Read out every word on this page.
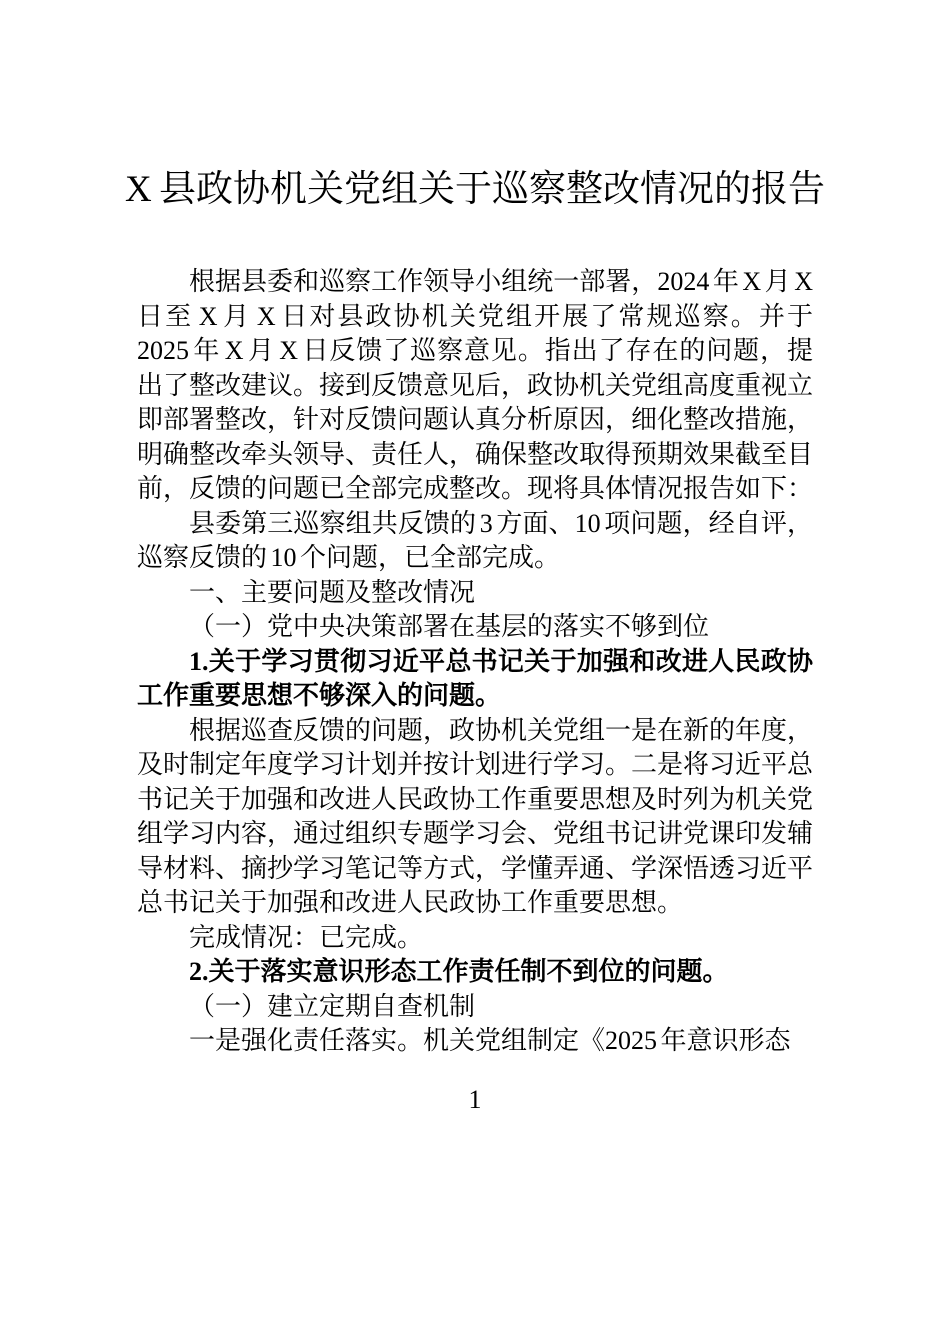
X 县政协机关党组关于巡察整改情况的报告

根据县委和巡察工作领导小组统一部署，2024 年 X 月 X 日至 X 月 X 日对县政协机关党组开展了常规巡察。并于 2025 年 X 月 X 日反馈了巡察意见。指出了存在的问题，提出了整改建议。接到反馈意见后，政协机关党组高度重视立即部署整改，针对反馈问题认真分析原因，细化整改措施，明确整改牵头领导、责任人，确保整改取得预期效果截至目前，反馈的问题已全部完成整改。现将具体情况报告如下：

县委第三巡察组共反馈的 3 方面、10 项问题，经自评，巡察反馈的 10 个问题，已全部完成。

一、主要问题及整改情况

（一）党中央决策部署在基层的落实不够到位

1.关于学习贯彻习近平总书记关于加强和改进人民政协工作重要思想不够深入的问题。

根据巡查反馈的问题，政协机关党组一是在新的年度，及时制定年度学习计划并按计划进行学习。二是将习近平总书记关于加强和改进人民政协工作重要思想及时列为机关党组学习内容，通过组织专题学习会、党组书记讲党课印发辅导材料、摘抄学习笔记等方式，学懂弄通、学深悟透习近平总书记关于加强和改进人民政协工作重要思想。

完成情况：已完成。

2.关于落实意识形态工作责任制不到位的问题。

（一）建立定期自查机制

一是强化责任落实。机关党组制定《2025 年意识形态

1
